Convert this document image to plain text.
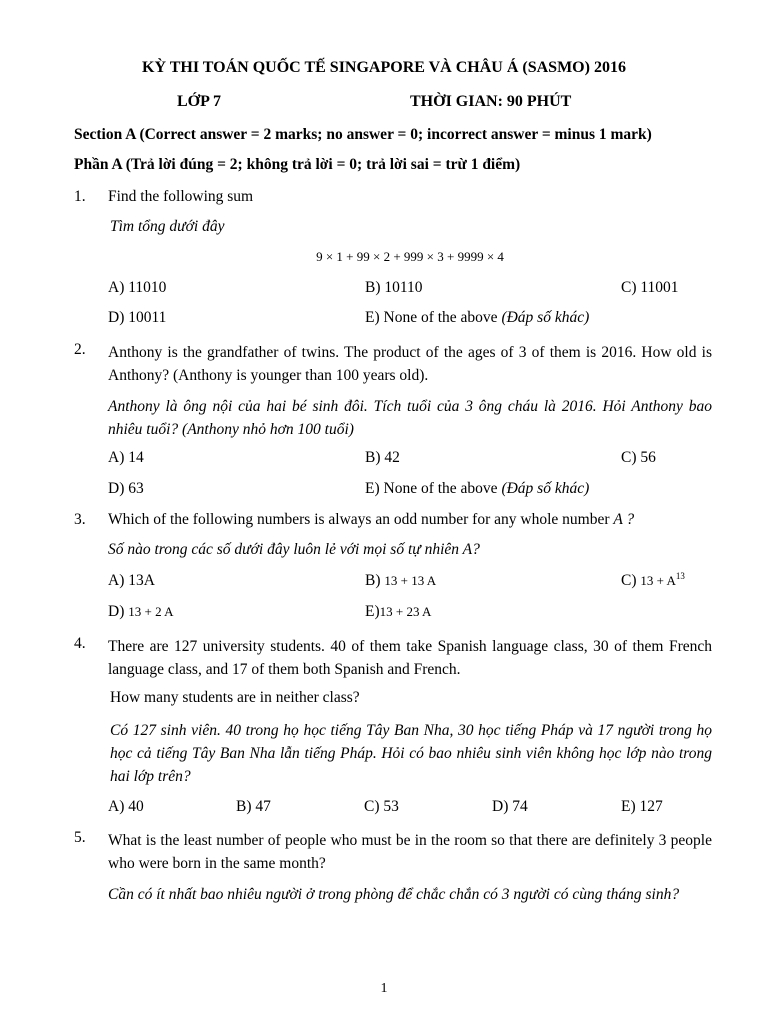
KỲ THI TOÁN QUỐC TẾ SINGAPORE VÀ CHÂU Á (SASMO) 2016
LỚP 7	THỜI GIAN: 90 PHÚT
Section A (Correct answer = 2 marks; no answer = 0; incorrect answer = minus 1 mark)
Phần A (Trả lời đúng = 2; không trả lời = 0; trả lời sai = trừ 1 điểm)
1. Find the following sum
Tìm tổng dưới đây
9 × 1 + 99 × 2 + 999 × 3 + 9999 × 4
A) 11010	B) 10110	C) 11001
D) 10011	E) None of the above (Đáp số khác)
2. Anthony is the grandfather of twins. The product of the ages of 3 of them is 2016. How old is Anthony? (Anthony is younger than 100 years old).
Anthony là ông nội của hai bé sinh đôi. Tích tuổi của 3 ông cháu là 2016. Hỏi Anthony bao nhiêu tuổi? (Anthony nhỏ hơn 100 tuổi)
A) 14	B) 42	C) 56
D) 63	E) None of the above (Đáp số khác)
3. Which of the following numbers is always an odd number for any whole number A ?
Số nào trong các số dưới đây luôn lẻ với mọi số tự nhiên A?
A) 13A	B) 13 + 13 A	C) $13 + A^{13}$
D) 13 + 2 A	E)13 + 23 A
4. There are 127 university students. 40 of them take Spanish language class, 30 of them French language class, and 17 of them both Spanish and French.
How many students are in neither class?
Có 127 sinh viên. 40 trong họ học tiếng Tây Ban Nha, 30 học tiếng Pháp và 17 người trong họ học cả tiếng Tây Ban Nha lẫn tiếng Pháp. Hỏi có bao nhiêu sinh viên không học lớp nào trong hai lớp trên?
A) 40	B) 47	C) 53	D) 74	E) 127
5. What is the least number of people who must be in the room so that there are definitely 3 people who were born in the same month?
Cần có ít nhất bao nhiêu người ở trong phòng để chắc chắn có 3 người có cùng tháng sinh?
1
